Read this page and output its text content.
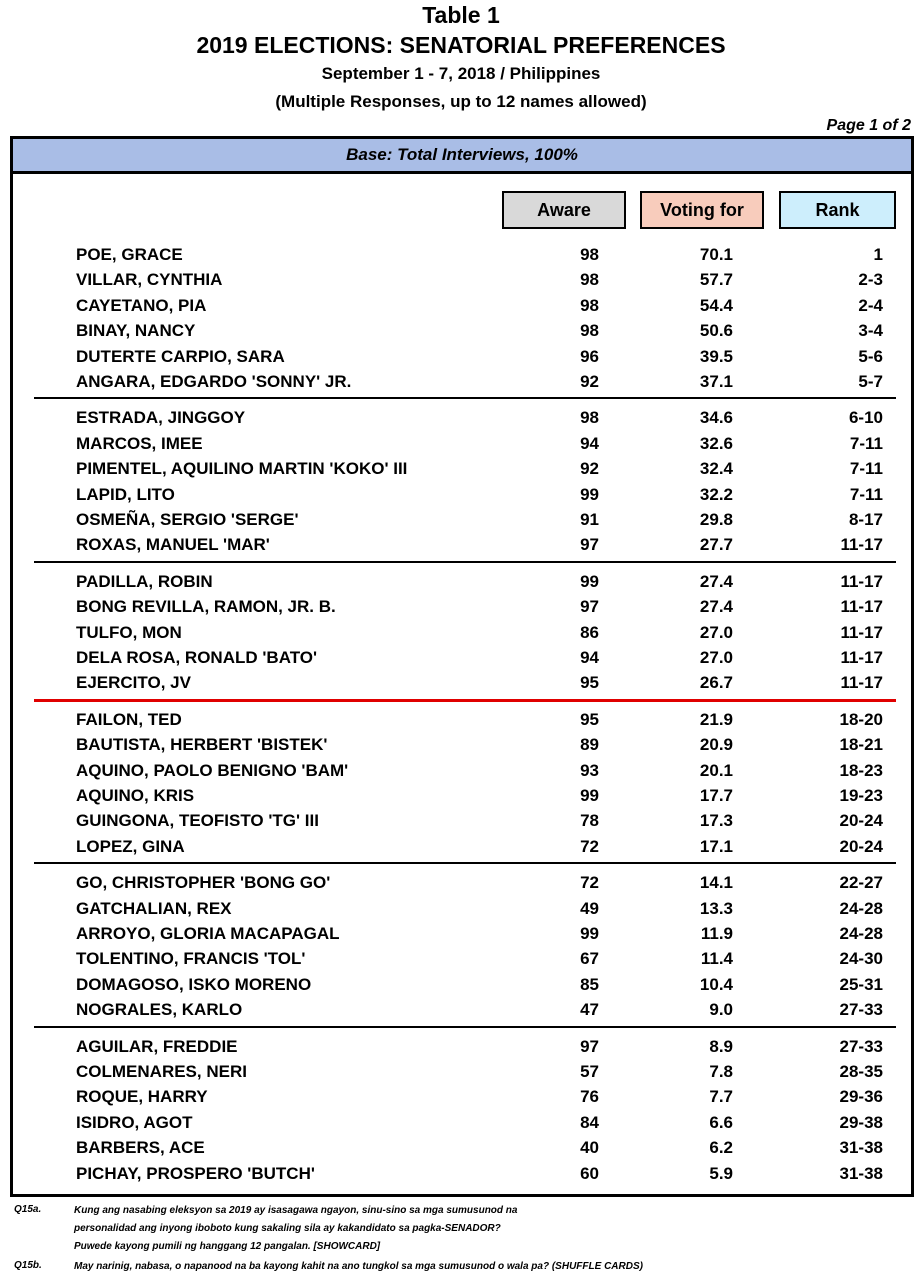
Table 1
2019 ELECTIONS: SENATORIAL PREFERENCES
September 1 - 7, 2018 / Philippines
(Multiple Responses, up to 12 names allowed)
Page 1 of 2
Base: Total Interviews, 100%
Aware	Voting for	Rank
POE, GRACE	98	70.1	1
VILLAR, CYNTHIA	98	57.7	2-3
CAYETANO, PIA	98	54.4	2-4
BINAY, NANCY	98	50.6	3-4
DUTERTE CARPIO, SARA	96	39.5	5-6
ANGARA, EDGARDO 'SONNY' JR.	92	37.1	5-7
ESTRADA, JINGGOY	98	34.6	6-10
MARCOS, IMEE	94	32.6	7-11
PIMENTEL, AQUILINO MARTIN 'KOKO' III	92	32.4	7-11
LAPID, LITO	99	32.2	7-11
OSMEÑA, SERGIO 'SERGE'	91	29.8	8-17
ROXAS, MANUEL 'MAR'	97	27.7	11-17
PADILLA, ROBIN	99	27.4	11-17
BONG REVILLA, RAMON, JR. B.	97	27.4	11-17
TULFO, MON	86	27.0	11-17
DELA ROSA, RONALD 'BATO'	94	27.0	11-17
EJERCITO, JV	95	26.7	11-17
FAILON, TED	95	21.9	18-20
BAUTISTA, HERBERT 'BISTEK'	89	20.9	18-21
AQUINO, PAOLO BENIGNO 'BAM'	93	20.1	18-23
AQUINO, KRIS	99	17.7	19-23
GUINGONA, TEOFISTO 'TG' III	78	17.3	20-24
LOPEZ, GINA	72	17.1	20-24
GO, CHRISTOPHER 'BONG GO'	72	14.1	22-27
GATCHALIAN, REX	49	13.3	24-28
ARROYO, GLORIA MACAPAGAL	99	11.9	24-28
TOLENTINO, FRANCIS 'TOL'	67	11.4	24-30
DOMAGOSO, ISKO MORENO	85	10.4	25-31
NOGRALES, KARLO	47	9.0	27-33
AGUILAR, FREDDIE	97	8.9	27-33
COLMENARES, NERI	57	7.8	28-35
ROQUE, HARRY	76	7.7	29-36
ISIDRO, AGOT	84	6.6	29-38
BARBERS, ACE	40	6.2	31-38
PICHAY, PROSPERO 'BUTCH'	60	5.9	31-38
Q15a.	Kung ang nasabing eleksyon sa 2019 ay isasagawa ngayon, sinu-sino sa mga sumusunod na
personalidad ang inyong iboboto kung sakaling sila ay kakandidato sa pagka-SENADOR?
Puwede kayong pumili ng hanggang 12 pangalan. [SHOWCARD]
Q15b.	May narinig, nabasa, o napanood na ba kayong kahit na ano tungkol sa mga sumusunod o wala pa? (SHUFFLE CARDS)
